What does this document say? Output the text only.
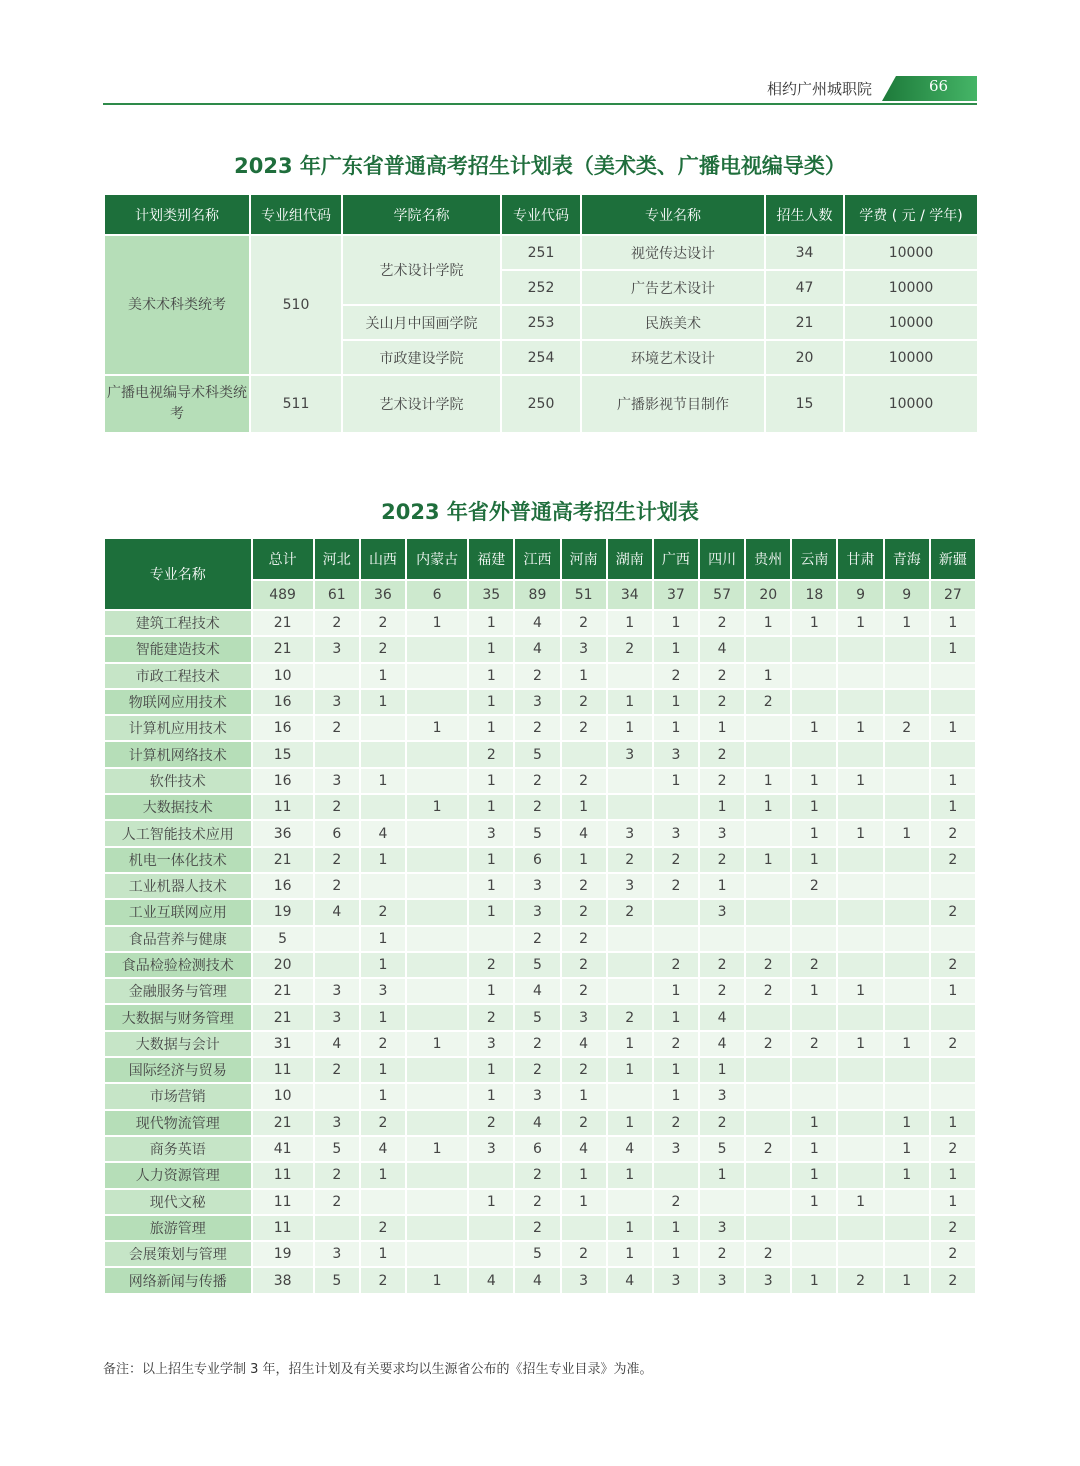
相约广州城职院	66
2023 年广东省普通高考招生计划表（美术类、广播电视编导类）
计划类别名称	专业组代码	学院名称	专业代码	专业名称	招生人数	学费 ( 元 / 学年)
美术术科类统考	510	艺术设计学院	251	视觉传达设计	34	10000
			252	广告艺术设计	47	10000
		关山月中国画学院	253	民族美术	21	10000
		市政建设学院	254	环境艺术设计	20	10000
广播电视编导术科类统考	511	艺术设计学院	250	广播影视节目制作	15	10000
2023 年省外普通高考招生计划表
专业名称	总计	河北	山西	内蒙古	福建	江西	河南	湖南	广西	四川	贵州	云南	甘肃	青海	新疆
	489	61	36	6	35	89	51	34	37	57	20	18	9	9	27
建筑工程技术	21	2	2	1	1	4	2	1	1	2	1	1	1	1	1
智能建造技术	21	3	2		1	4	3	2	1	4					1
市政工程技术	10		1		1	2	1		2	2	1				
物联网应用技术	16	3	1		1	3	2	1	1	2	2				
计算机应用技术	16	2		1	1	2	2	1	1	1		1	1	2	1
计算机网络技术	15				2	5		3	3	2					
软件技术	16	3	1		1	2	2		1	2	1	1	1		1
大数据技术	11	2		1	1	2	1			1	1	1			1
人工智能技术应用	36	6	4		3	5	4	3	3	3		1	1	1	2
机电一体化技术	21	2	1		1	6	1	2	2	2	1	1			2
工业机器人技术	16	2			1	3	2	3	2	1		2			
工业互联网应用	19	4	2		1	3	2	2		3					2
食品营养与健康	5		1			2	2								
食品检验检测技术	20		1		2	5	2		2	2	2	2			2
金融服务与管理	21	3	3		1	4	2		1	2	2	1	1		1
大数据与财务管理	21	3	1		2	5	3	2	1	4					
大数据与会计	31	4	2	1	3	2	4	1	2	4	2	2	1	1	2
国际经济与贸易	11	2	1		1	2	2	1	1	1					
市场营销	10		1		1	3	1		1	3					
现代物流管理	21	3	2		2	4	2	1	2	2		1		1	1
商务英语	41	5	4	1	3	6	4	4	3	5	2	1		1	2
人力资源管理	11	2	1			2	1	1		1		1		1	1
现代文秘	11	2			1	2	1		2			1	1		1
旅游管理	11		2			2		1	1	3					2
会展策划与管理	19	3	1			5	2	1	1	2	2				2
网络新闻与传播	38	5	2	1	4	4	3	4	3	3	3	1	2	1	2
备注：以上招生专业学制 3 年，招生计划及有关要求均以生源省公布的《招生专业目录》为准。
